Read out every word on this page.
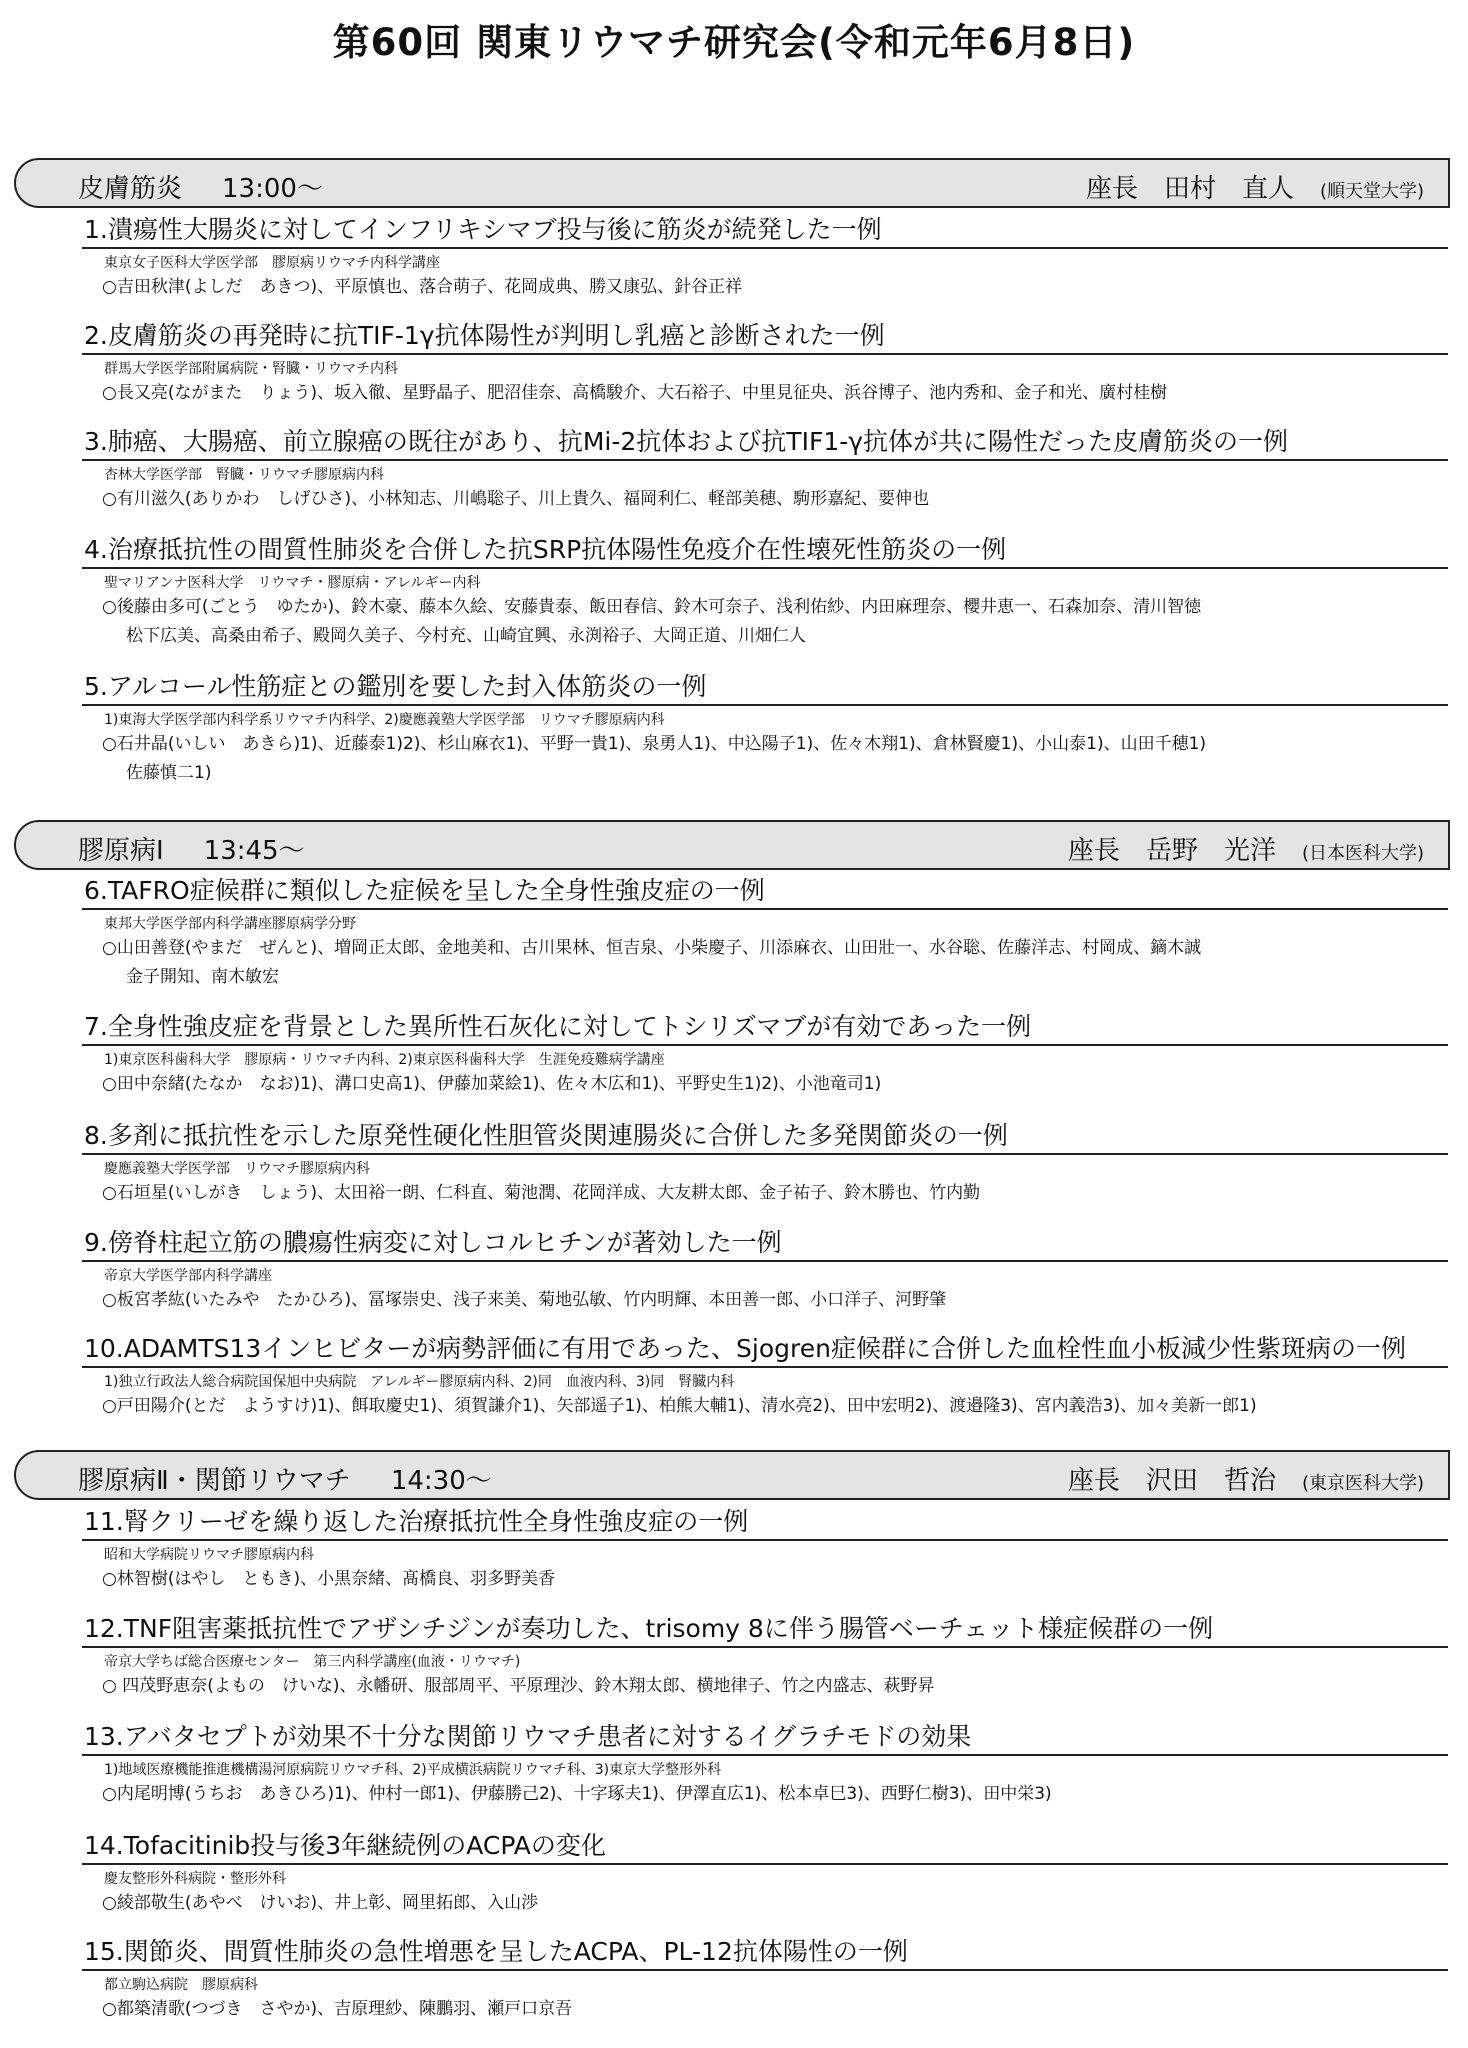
第60回 関東リウマチ研究会(令和元年6月8日)
皮膚筋炎 13:00〜	座長 田村　直人 (順天堂大学)
1.潰瘍性大腸炎に対してインフリキシマブ投与後に筋炎が続発した一例
東京女子医科大学医学部　膠原病リウマチ内科学講座
○吉田秋津(よしだ　あきつ)、平原慎也、落合萌子、花岡成典、勝又康弘、針谷正祥
2.皮膚筋炎の再発時に抗TIF-1γ抗体陽性が判明し乳癌と診断された一例
群馬大学医学部附属病院・腎臓・リウマチ内科
○長又亮(ながまた　りょう)、坂入徹、星野晶子、肥沼佳奈、高橋駿介、大石裕子、中里見征央、浜谷博子、池内秀和、金子和光、廣村桂樹
3.肺癌、大腸癌、前立腺癌の既往があり、抗Mi-2抗体および抗TIF1-γ抗体が共に陽性だった皮膚筋炎の一例
杏林大学医学部　腎臓・リウマチ膠原病内科
○有川滋久(ありかわ　しげひさ)、小林知志、川嶋聡子、川上貴久、福岡利仁、軽部美穂、駒形嘉紀、要伸也
4.治療抵抗性の間質性肺炎を合併した抗SRP抗体陽性免疫介在性壊死性筋炎の一例
聖マリアンナ医科大学　リウマチ・膠原病・アレルギー内科
○後藤由多可(ごとう　ゆたか)、鈴木豪、藤本久絵、安藤貴泰、飯田春信、鈴木可奈子、浅利佑紗、内田麻理奈、櫻井恵一、石森加奈、清川智徳
松下広美、高桑由希子、殿岡久美子、今村充、山崎宜興、永渕裕子、大岡正道、川畑仁人
5.アルコール性筋症との鑑別を要した封入体筋炎の一例
1)東海大学医学部内科学系リウマチ内科学、2)慶應義塾大学医学部　リウマチ膠原病内科
○石井晶(いしい　あきら)1)、近藤泰1)2)、杉山麻衣1)、平野一貴1)、泉勇人1)、中込陽子1)、佐々木翔1)、倉林賢慶1)、小山泰1)、山田千穂1)
佐藤慎二1)
膠原病Ⅰ 13:45〜	座長 岳野　光洋 (日本医科大学)
6.TAFRO症候群に類似した症候を呈した全身性強皮症の一例
東邦大学医学部内科学講座膠原病学分野
○山田善登(やまだ　ぜんと)、増岡正太郎、金地美和、古川果林、恒吉泉、小柴慶子、川添麻衣、山田壯一、水谷聡、佐藤洋志、村岡成、鏑木誠
金子開知、南木敏宏
7.全身性強皮症を背景とした異所性石灰化に対してトシリズマブが有効であった一例
1)東京医科歯科大学　膠原病・リウマチ内科、2)東京医科歯科大学　生涯免疫難病学講座
○田中奈緒(たなか　なお)1)、溝口史高1)、伊藤加菜絵1)、佐々木広和1)、平野史生1)2)、小池竜司1)
8.多剤に抵抗性を示した原発性硬化性胆管炎関連腸炎に合併した多発関節炎の一例
慶應義塾大学医学部　リウマチ膠原病内科
○石垣星(いしがき　しょう)、太田裕一朗、仁科直、菊池潤、花岡洋成、大友耕太郎、金子祐子、鈴木勝也、竹内勤
9.傍脊柱起立筋の膿瘍性病変に対しコルヒチンが著効した一例
帝京大学医学部内科学講座
○板宮孝紘(いたみや　たかひろ)、冨塚崇史、浅子来美、菊地弘敏、竹内明輝、本田善一郎、小口洋子、河野肇
10.ADAMTS13インヒビターが病勢評価に有用であった、Sjogren症候群に合併した血栓性血小板減少性紫斑病の一例
1)独立行政法人総合病院国保旭中央病院　アレルギー膠原病内科、2)同　血液内科、3)同　腎臓内科
○戸田陽介(とだ　ようすけ)1)、餌取慶史1)、須賀謙介1)、矢部遥子1)、柏熊大輔1)、清水亮2)、田中宏明2)、渡邉隆3)、宮内義浩3)、加々美新一郎1)
膠原病Ⅱ・関節リウマチ 14:30〜	座長 沢田　哲治 (東京医科大学)
11.腎クリーゼを繰り返した治療抵抗性全身性強皮症の一例
昭和大学病院リウマチ膠原病内科
○林智樹(はやし　ともき)、小黒奈緒、髙橋良、羽多野美香
12.TNF阻害薬抵抗性でアザシチジンが奏功した、trisomy 8に伴う腸管ベーチェット様症候群の一例
帝京大学ちば総合医療センター　第三内科学講座(血液・リウマチ)
○ 四茂野恵奈(よもの　けいな)、永幡研、服部周平、平原理沙、鈴木翔太郎、横地律子、竹之内盛志、萩野昇
13.アバタセプトが効果不十分な関節リウマチ患者に対するイグラチモドの効果
1)地域医療機能推進機構湯河原病院リウマチ科、2)平成横浜病院リウマチ科、3)東京大学整形外科
○内尾明博(うちお　あきひろ)1)、仲村一郎1)、伊藤勝己2)、十字琢夫1)、伊澤直広1)、松本卓巳3)、西野仁樹3)、田中栄3)
14.Tofacitinib投与後3年継続例のACPAの変化
慶友整形外科病院・整形外科
○綾部敬生(あやべ　けいお)、井上彰、岡里拓郎、入山渉
15.関節炎、間質性肺炎の急性増悪を呈したACPA、PL-12抗体陽性の一例
都立駒込病院　膠原病科
○都築清歌(つづき　さやか)、吉原理紗、陳鵬羽、瀬戸口京吾
